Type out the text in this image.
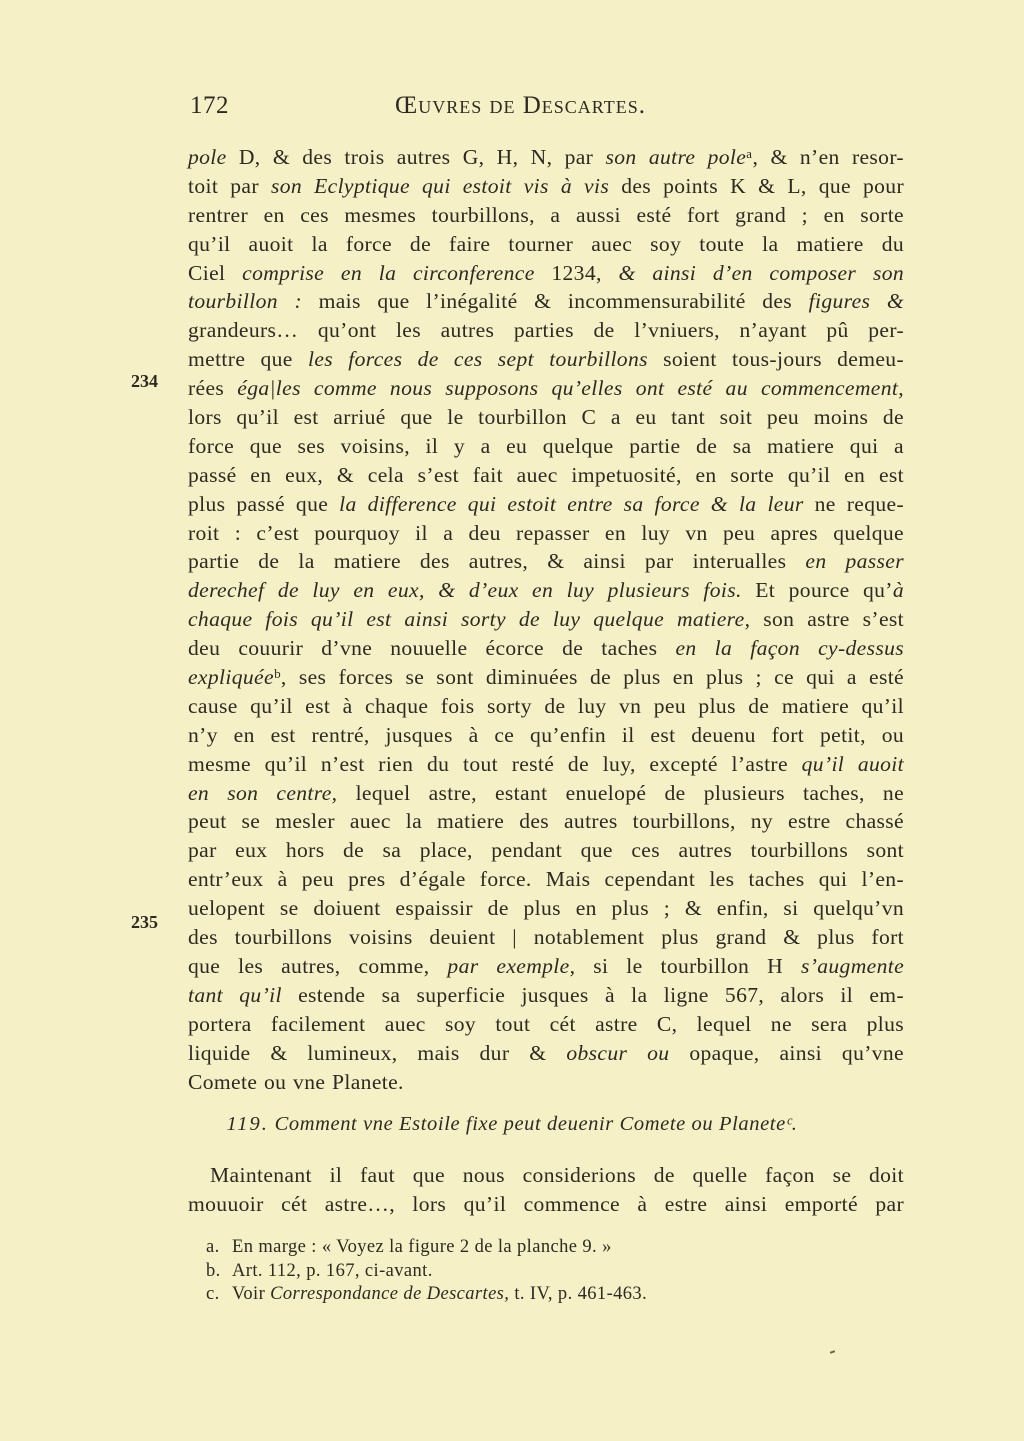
172	Œuvres de Descartes.
234
235
pole D, & des trois autres G, H, N, par son autre poleᵃ, & n’en resor-
toit par son Eclyptique qui estoit vis à vis des points K & L, que pour
rentrer en ces mesmes tourbillons, a aussi esté fort grand ; en sorte
qu’il auoit la force de faire tourner auec soy toute la matiere du
Ciel comprise en la circonference 1234, & ainsi d’en composer son
tourbillon : mais que l’inégalité & incommensurabilité des figures &
grandeurs… qu’ont les autres parties de l’vniuers, n’ayant pû per-
mettre que les forces de ces sept tourbillons soient tous-jours demeu-
rées éga|les comme nous supposons qu’elles ont esté au commencement,
lors qu’il est arriué que le tourbillon C a eu tant soit peu moins de
force que ses voisins, il y a eu quelque partie de sa matiere qui a
passé en eux, & cela s’est fait auec impetuosité, en sorte qu’il en est
plus passé que la difference qui estoit entre sa force & la leur ne reque-
roit : c’est pourquoy il a deu repasser en luy vn peu apres quelque
partie de la matiere des autres, & ainsi par interualles en passer
derechef de luy en eux, & d’eux en luy plusieurs fois. Et pource qu’à
chaque fois qu’il est ainsi sorty de luy quelque matiere, son astre s’est
deu couurir d’vne nouuelle écorce de taches en la façon cy-dessus
expliquéeᵇ, ses forces se sont diminuées de plus en plus ; ce qui a esté
cause qu’il est à chaque fois sorty de luy vn peu plus de matiere qu’il
n’y en est rentré, jusques à ce qu’enfin il est deuenu fort petit, ou
mesme qu’il n’est rien du tout resté de luy, excepté l’astre qu’il auoit
en son centre, lequel astre, estant enuelopé de plusieurs taches, ne
peut se mesler auec la matiere des autres tourbillons, ny estre chassé
par eux hors de sa place, pendant que ces autres tourbillons sont
entr’eux à peu pres d’égale force. Mais cependant les taches qui l’en-
uelopent se doiuent espaissir de plus en plus ; & enfin, si quelqu’vn
des tourbillons voisins deuient | notablement plus grand & plus fort
que les autres, comme, par exemple, si le tourbillon H s’augmente
tant qu’il estende sa superficie jusques à la ligne 567, alors il em-
portera facilement auec soy tout cét astre C, lequel ne sera plus
liquide & lumineux, mais dur & obscur ou opaque, ainsi qu’vne
Comete ou vne Planete.
119. Comment vne Estoile fixe peut deuenir Comete ou Planeteᶜ.
Maintenant il faut que nous considerions de quelle façon se doit
mouuoir cét astre…, lors qu’il commence à estre ainsi emporté par
a. En marge : « Voyez la figure 2 de la planche 9. »
b. Art. 112, p. 167, ci-avant.
c. Voir Correspondance de Descartes, t. IV, p. 461-463.
